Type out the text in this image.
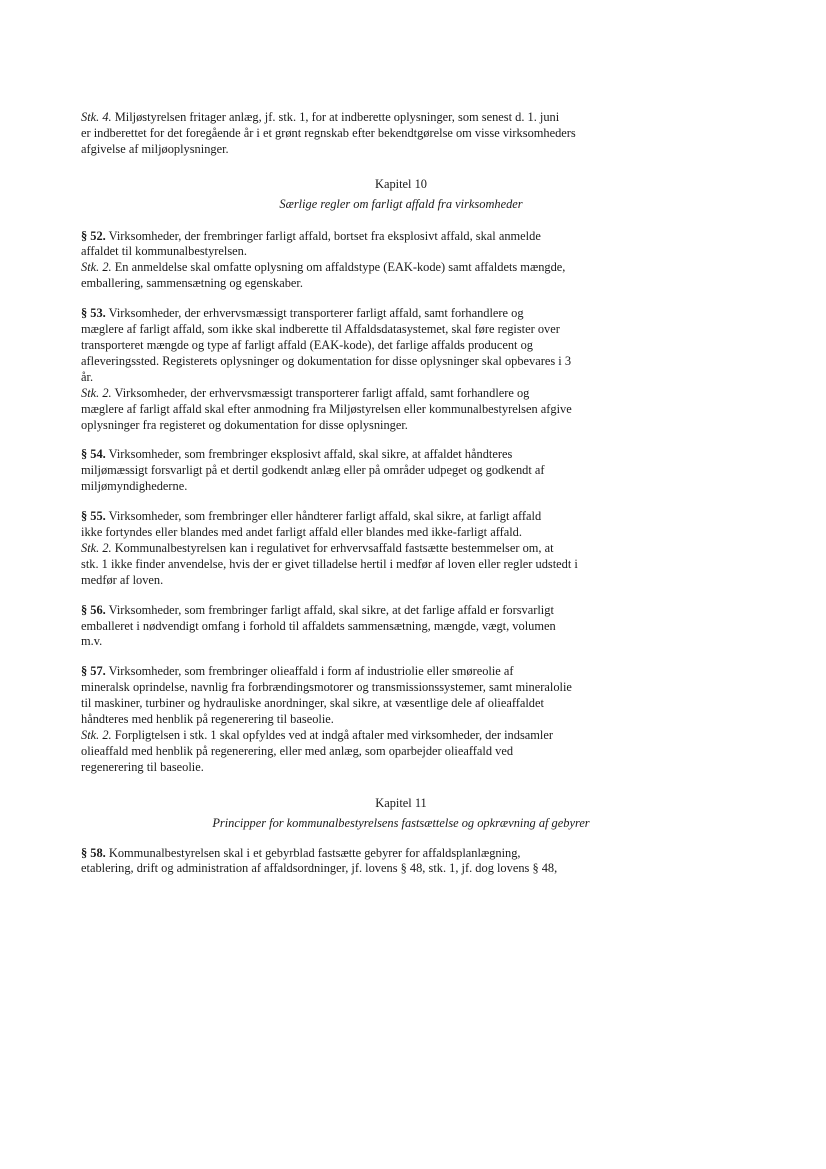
Stk. 4. Miljøstyrelsen fritager anlæg, jf. stk. 1, for at indberette oplysninger, som senest d. 1. juni
er indberettet for det foregående år i et grønt regnskab efter bekendtgørelse om visse virksomheders
afgivelse af miljøoplysninger.

Kapitel 10

Særlige regler om farligt affald fra virksomheder

§ 52. Virksomheder, der frembringer farligt affald, bortset fra eksplosivt affald, skal anmelde
affaldet til kommunalbestyrelsen.
Stk. 2. En anmeldelse skal omfatte oplysning om affaldstype (EAK-kode) samt affaldets mængde,
emballering, sammensætning og egenskaber.
§ 53. Virksomheder, der erhvervsmæssigt transporterer farligt affald, samt forhandlere og
mæglere af farligt affald, som ikke skal indberette til Affaldsdatasystemet, skal føre register over
transporteret mængde og type af farligt affald (EAK-kode), det farlige affalds producent og
afleveringssted. Registerets oplysninger og dokumentation for disse oplysninger skal opbevares i 3
år.
Stk. 2. Virksomheder, der erhvervsmæssigt transporterer farligt affald, samt forhandlere og
mæglere af farligt affald skal efter anmodning fra Miljøstyrelsen eller kommunalbestyrelsen afgive
oplysninger fra registeret og dokumentation for disse oplysninger.
§ 54. Virksomheder, som frembringer eksplosivt affald, skal sikre, at affaldet håndteres
miljømæssigt forsvarligt på et dertil godkendt anlæg eller på områder udpeget og godkendt af
miljømyndighederne.
§ 55. Virksomheder, som frembringer eller håndterer farligt affald, skal sikre, at farligt affald
ikke fortyndes eller blandes med andet farligt affald eller blandes med ikke-farligt affald.
Stk. 2. Kommunalbestyrelsen kan i regulativet for erhvervsaffald fastsætte bestemmelser om, at
stk. 1 ikke finder anvendelse, hvis der er givet tilladelse hertil i medfør af loven eller regler udstedt i
medfør af loven.
§ 56. Virksomheder, som frembringer farligt affald, skal sikre, at det farlige affald er forsvarligt
emballeret i nødvendigt omfang i forhold til affaldets sammensætning, mængde, vægt, volumen
m.v.
§ 57. Virksomheder, som frembringer olieaffald i form af industriolie eller smøreolie af
mineralsk oprindelse, navnlig fra forbrændingsmotorer og transmissionssystemer, samt mineralolie
til maskiner, turbiner og hydrauliske anordninger, skal sikre, at væsentlige dele af olieaffaldet
håndteres med henblik på regenerering til baseolie.
Stk. 2. Forpligtelsen i stk. 1 skal opfyldes ved at indgå aftaler med virksomheder, der indsamler
olieaffald med henblik på regenerering, eller med anlæg, som oparbejder olieaffald ved
regenerering til baseolie.

Kapitel 11

Principper for kommunalbestyrelsens fastsættelse og opkrævning af gebyrer

§ 58. Kommunalbestyrelsen skal i et gebyrblad fastsætte gebyrer for affaldsplanlægning,
etablering, drift og administration af affaldsordninger, jf. lovens § 48, stk. 1, jf. dog lovens § 48,
